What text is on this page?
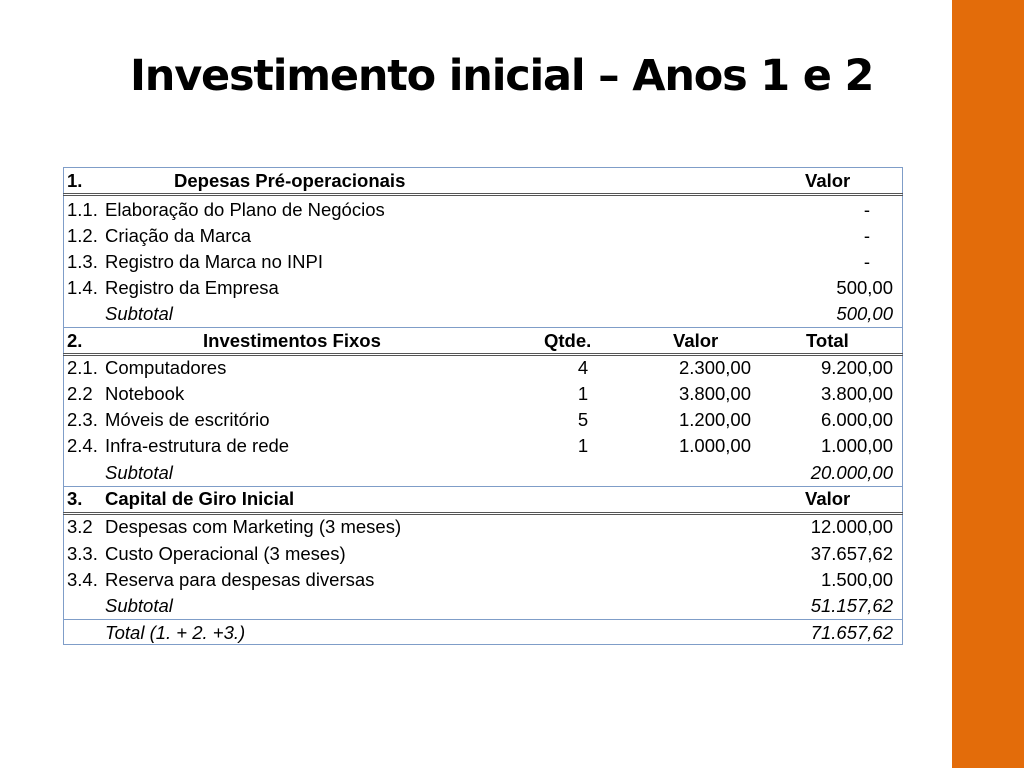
Investimento inicial – Anos 1 e 2
1.	Depesas Pré-operacionais	Valor
1.1. Elaboração do Plano de Negócios	-
1.2. Criação da Marca	-
1.3. Registro da Marca no INPI	-
1.4. Registro da Empresa	500,00
Subtotal	500,00
2.	Investimentos Fixos	Qtde.	Valor	Total
2.1. Computadores	4	2.300,00	9.200,00
2.2 Notebook	1	3.800,00	3.800,00
2.3. Móveis de escritório	5	1.200,00	6.000,00
2.4. Infra-estrutura de rede	1	1.000,00	1.000,00
Subtotal	20.000,00
3. Capital de Giro Inicial	Valor
3.2 Despesas com Marketing (3 meses)	12.000,00
3.3. Custo Operacional (3 meses)	37.657,62
3.4. Reserva para despesas diversas	1.500,00
Subtotal	51.157,62
Total (1. + 2. +3.)	71.657,62
